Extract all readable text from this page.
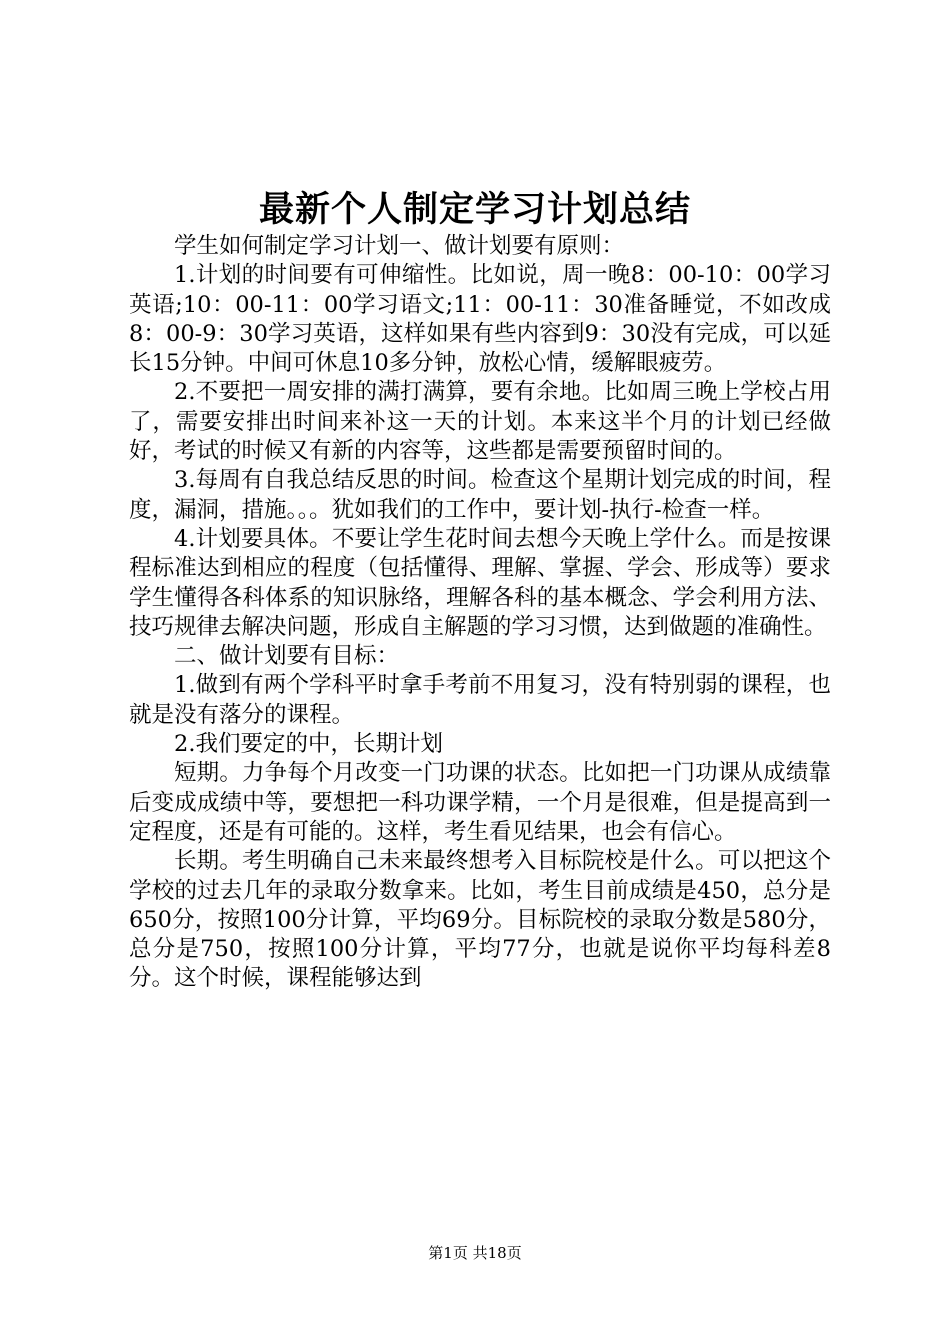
最新个人制定学习计划总结

学生如何制定学习计划一、做计划要有原则：

1.计划的时间要有可伸缩性。比如说，周一晚8：00-10：00学习英语;10：00-11：00学习语文;11：00-11：30准备睡觉，不如改成8：00-9：30学习英语，这样如果有些内容到9：30没有完成，可以延长15分钟。中间可休息10多分钟，放松心情，缓解眼疲劳。

2.不要把一周安排的满打满算，要有余地。比如周三晚上学校占用了，需要安排出时间来补这一天的计划。本来这半个月的计划已经做好，考试的时候又有新的内容等，这些都是需要预留时间的。

3.每周有自我总结反思的时间。检查这个星期计划完成的时间，程度，漏洞，措施。。。犹如我们的工作中，要计划-执行-检查一样。

4.计划要具体。不要让学生花时间去想今天晚上学什么。而是按课程标准达到相应的程度（包括懂得、理解、掌握、学会、形成等）要求学生懂得各科体系的知识脉络，理解各科的基本概念、学会利用方法、技巧规律去解决问题，形成自主解题的学习习惯，达到做题的准确性。

二、做计划要有目标：

1.做到有两个学科平时拿手考前不用复习，没有特别弱的课程，也就是没有落分的课程。

2.我们要定的中，长期计划

短期。力争每个月改变一门功课的状态。比如把一门功课从成绩靠后变成成绩中等，要想把一科功课学精，一个月是很难，但是提高到一定程度，还是有可能的。这样，考生看见结果，也会有信心。

长期。考生明确自己未来最终想考入目标院校是什么。可以把这个学校的过去几年的录取分数拿来。比如，考生目前成绩是450，总分是650分，按照100分计算，平均69分。目标院校的录取分数是580分，总分是750，按照100分计算，平均77分，也就是说你平均每科差8分。这个时候，课程能够达到

第1页 共18页
